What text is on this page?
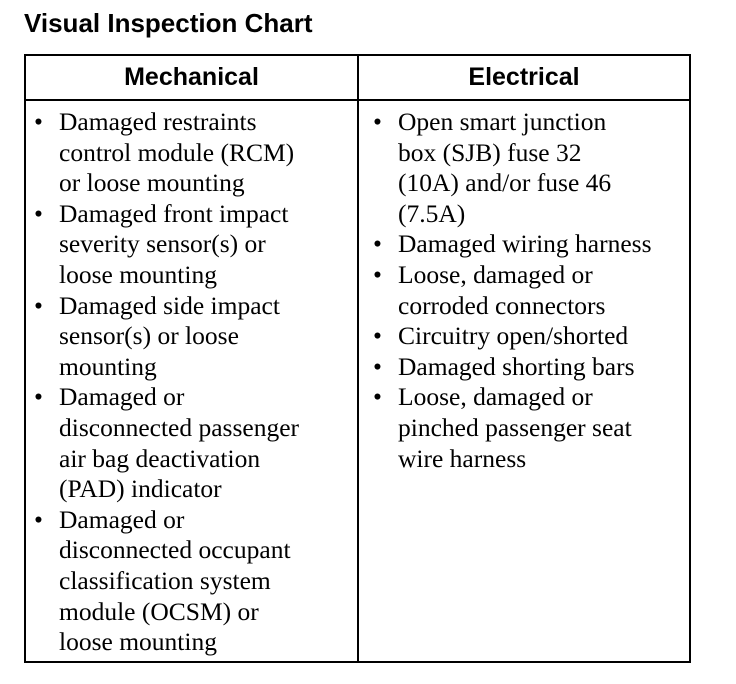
Visual Inspection Chart
Mechanical	Electrical
• Damaged restraints
control module (RCM)
or loose mounting
• Damaged front impact
severity sensor(s) or
loose mounting
• Damaged side impact
sensor(s) or loose
mounting
• Damaged or
disconnected passenger
air bag deactivation
(PAD) indicator
• Damaged or
disconnected occupant
classification system
module (OCSM) or
loose mounting
• Open smart junction
box (SJB) fuse 32
(10A) and/or fuse 46
(7.5A)
• Damaged wiring harness
• Loose, damaged or
corroded connectors
• Circuitry open/shorted
• Damaged shorting bars
• Loose, damaged or
pinched passenger seat
wire harness
